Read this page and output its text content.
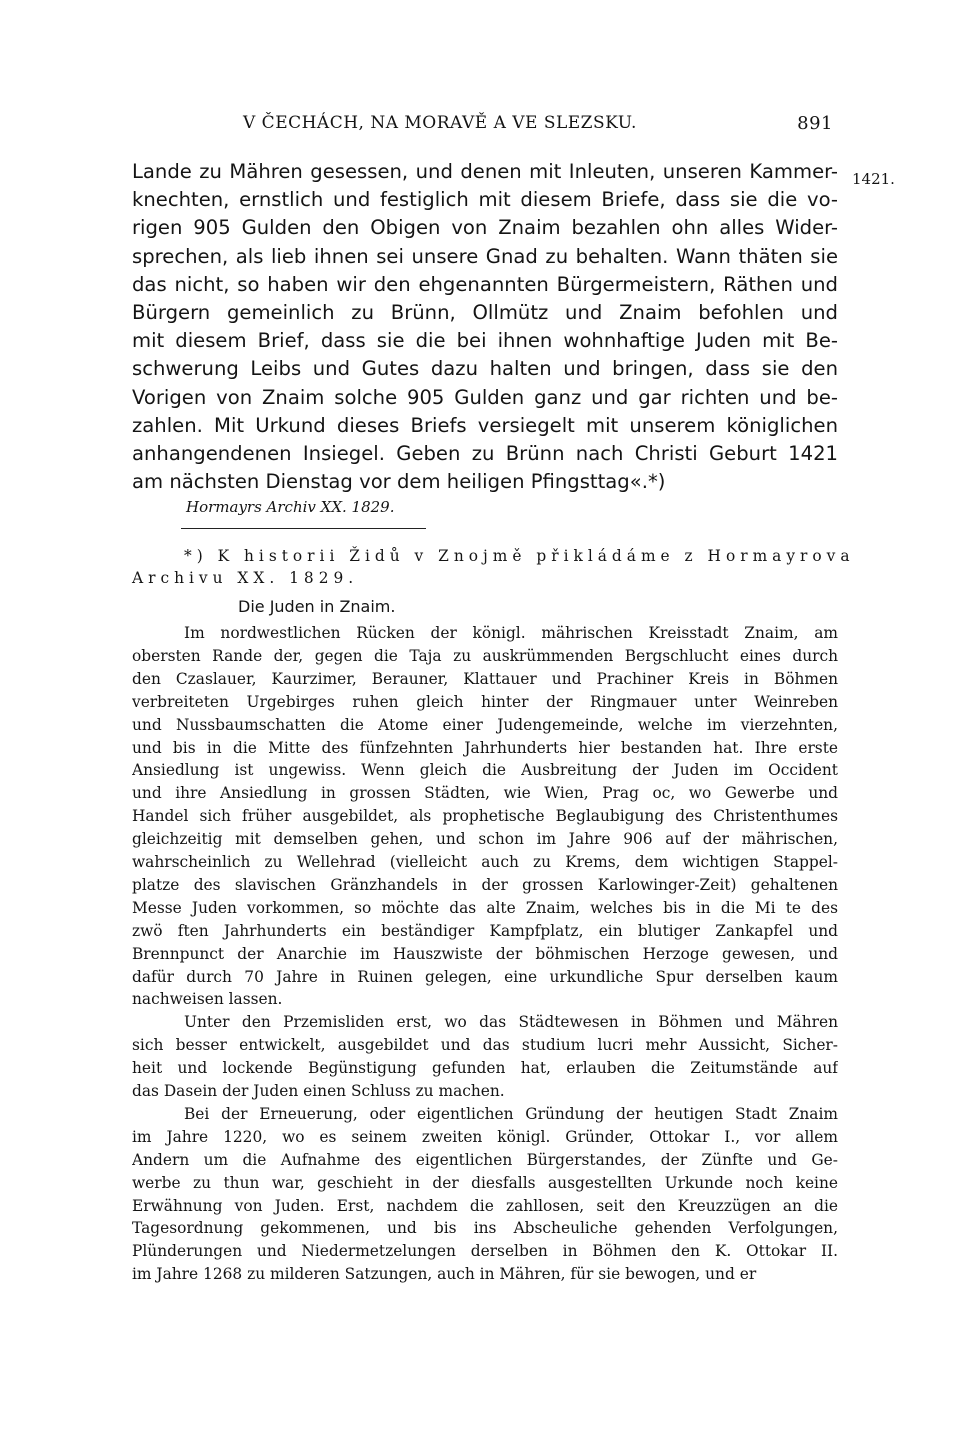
V ČECHÁCH, NA MORAVĚ A VE SLEZSKU.	891
1421.
Lande zu Mähren gesessen, und denen mit Inleuten, unseren Kammer-
knechten, ernstlich und festiglich mit diesem Briefe, dass sie die vo-
rigen 905 Gulden den Obigen von Znaim bezahlen ohn alles Wider-
sprechen, als lieb ihnen sei unsere Gnad zu behalten. Wann thäten sie
das nicht, so haben wir den ehgenannten Bürgermeistern, Räthen und
Bürgern gemeinlich zu Brünn, Ollmütz und Znaim befohlen und
mit diesem Brief, dass sie die bei ihnen wohnhaftige Juden mit Be-
schwerung Leibs und Gutes dazu halten und bringen, dass sie den
Vorigen von Znaim solche 905 Gulden ganz und gar richten und be-
zahlen. Mit Urkund dieses Briefs versiegelt mit unserem königlichen
anhangendenen Insiegel. Geben zu Brünn nach Christi Geburt 1421
am nächsten Dienstag vor dem heiligen Pfingsttag«.*)
Hormayrs Archiv XX. 1829.
*) K historii Židů v Znojmě přikládáme z Hormayrova
Archivu XX. 1829.
Die Juden in Znaim.
Im nordwestlichen Rücken der königl. mährischen Kreisstadt Znaim, am
obersten Rande der, gegen die Taja zu auskrümmenden Bergschlucht eines durch
den Czaslauer, Kaurzimer, Berauner, Klattauer und Prachiner Kreis in Böhmen
verbreiteten Urgebirges ruhen gleich hinter der Ringmauer unter Weinreben
und Nussbaumschatten die Atome einer Judengemeinde, welche im vierzehnten,
und bis in die Mitte des fünfzehnten Jahrhunderts hier bestanden hat. Ihre erste
Ansiedlung ist ungewiss. Wenn gleich die Ausbreitung der Juden im Occident
und ihre Ansiedlung in grossen Städten, wie Wien, Prag oc, wo Gewerbe und
Handel sich früher ausgebildet, als prophetische Beglaubigung des Christenthumes
gleichzeitig mit demselben gehen, und schon im Jahre 906 auf der mährischen,
wahrscheinlich zu Wellehrad (vielleicht auch zu Krems, dem wichtigen Stappel-
platze des slavischen Gränzhandels in der grossen Karlowinger-Zeit) gehaltenen
Messe Juden vorkommen, so möchte das alte Znaim, welches bis in die Mi te des
zwö ften Jahrhunderts ein beständiger Kampfplatz, ein blutiger Zankapfel und
Brennpunct der Anarchie im Hauszwiste der böhmischen Herzoge gewesen, und
dafür durch 70 Jahre in Ruinen gelegen, eine urkundliche Spur derselben kaum
nachweisen lassen.
Unter den Przemisliden erst, wo das Städtewesen in Böhmen und Mähren
sich besser entwickelt, ausgebildet und das studium lucri mehr Aussicht, Sicher-
heit und lockende Begünstigung gefunden hat, erlauben die Zeitumstände auf
das Dasein der Juden einen Schluss zu machen.
Bei der Erneuerung, oder eigentlichen Gründung der heutigen Stadt Znaim
im Jahre 1220, wo es seinem zweiten königl. Gründer, Ottokar I., vor allem
Andern um die Aufnahme des eigentlichen Bürgerstandes, der Zünfte und Ge-
werbe zu thun war, geschieht in der diesfalls ausgestellten Urkunde noch keine
Erwähnung von Juden. Erst, nachdem die zahllosen, seit den Kreuzzügen an die
Tagesordnung gekommenen, und bis ins Abscheuliche gehenden Verfolgungen,
Plünderungen und Niedermetzelungen derselben in Böhmen den K. Ottokar II.
im Jahre 1268 zu milderen Satzungen, auch in Mähren, für sie bewogen, und er
